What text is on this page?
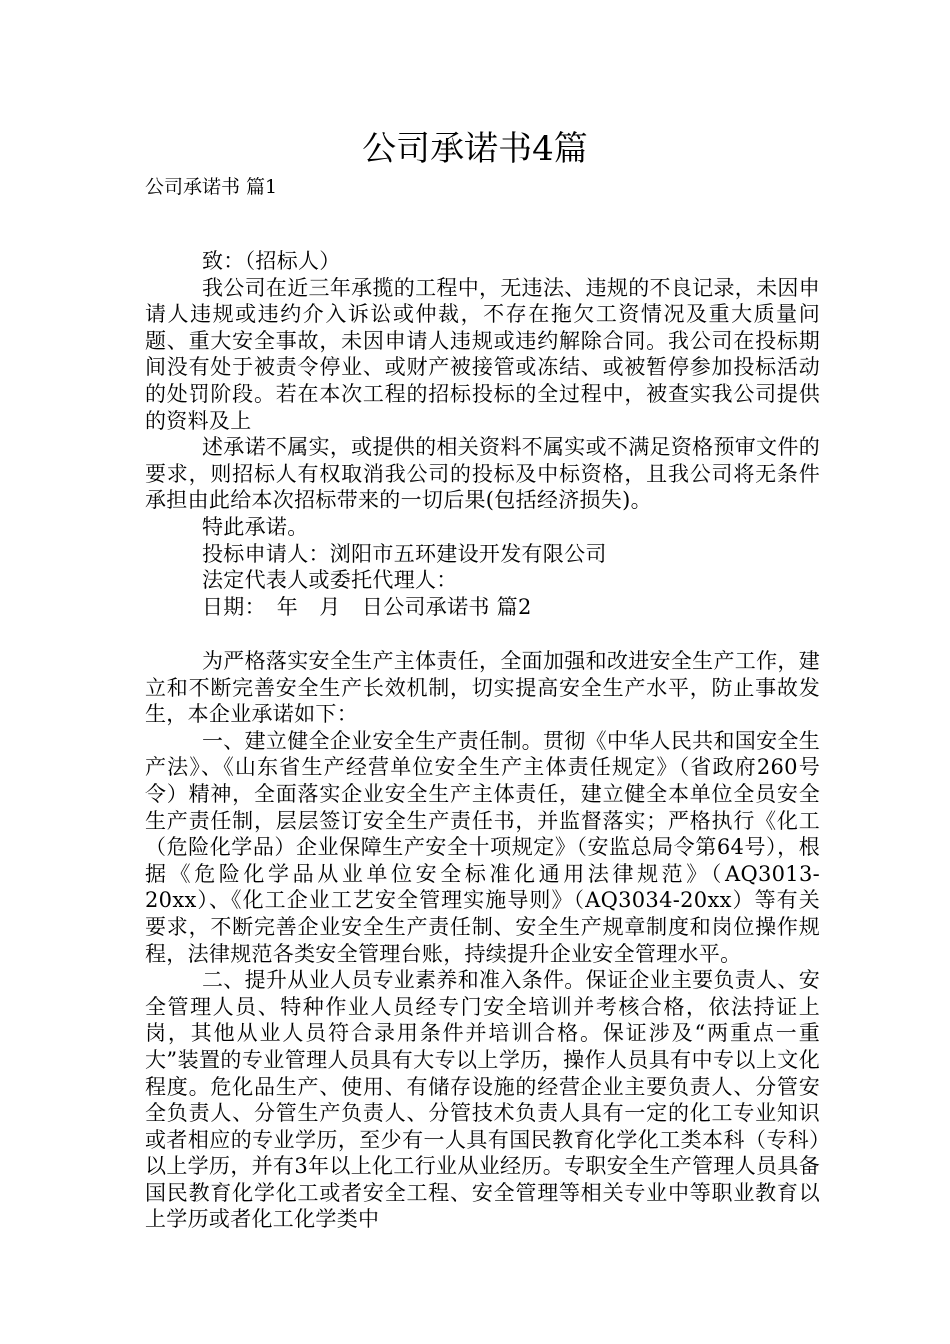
公司承诺书4篇
公司承诺书 篇1

致：（招标人）

我公司在近三年承揽的工程中，无违法、违规的不良记录，未因申请人违规或违约介入诉讼或仲裁，不存在拖欠工资情况及重大质量问题、重大安全事故，未因申请人违规或违约解除合同。我公司在投标期间没有处于被责令停业、或财产被接管或冻结、或被暂停参加投标活动的处罚阶段。若在本次工程的招标投标的全过程中，被查实我公司提供的资料及上

述承诺不属实，或提供的相关资料不属实或不满足资格预审文件的要求，则招标人有权取消我公司的投标及中标资格，且我公司将无条件承担由此给本次招标带来的一切后果(包括经济损失)。

特此承诺。

投标申请人：浏阳市五环建设开发有限公司

法定代表人或委托代理人：

日期：　年　月　日公司承诺书 篇2

为严格落实安全生产主体责任，全面加强和改进安全生产工作，建立和不断完善安全生产长效机制，切实提高安全生产水平，防止事故发生，本企业承诺如下：

一、建立健全企业安全生产责任制。贯彻《中华人民共和国安全生产法》、《山东省生产经营单位安全生产主体责任规定》（省政府260号令）精神，全面落实企业安全生产主体责任，建立健全本单位全员安全生产责任制，层层签订安全生产责任书，并监督落实；严格执行《化工（危险化学品）企业保障生产安全十项规定》（安监总局令第64号），根据《危险化学品从业单位安全标准化通用法律规范》（AQ3013-20xx）、《化工企业工艺安全管理实施导则》（AQ3034-20xx）等有关要求，不断完善企业安全生产责任制、安全生产规章制度和岗位操作规程，法律规范各类安全管理台账，持续提升企业安全管理水平。

二、提升从业人员专业素养和准入条件。保证企业主要负责人、安全管理人员、特种作业人员经专门安全培训并考核合格，依法持证上岗，其他从业人员符合录用条件并培训合格。保证涉及“两重点一重大”装置的专业管理人员具有大专以上学历，操作人员具有中专以上文化程度。危化品生产、使用、有储存设施的经营企业主要负责人、分管安全负责人、分管生产负责人、分管技术负责人具有一定的化工专业知识或者相应的专业学历，至少有一人具有国民教育化学化工类本科（专科）以上学历，并有3年以上化工行业从业经历。专职安全生产管理人员具备国民教育化学化工或者安全工程、安全管理等相关专业中等职业教育以上学历或者化工化学类中
